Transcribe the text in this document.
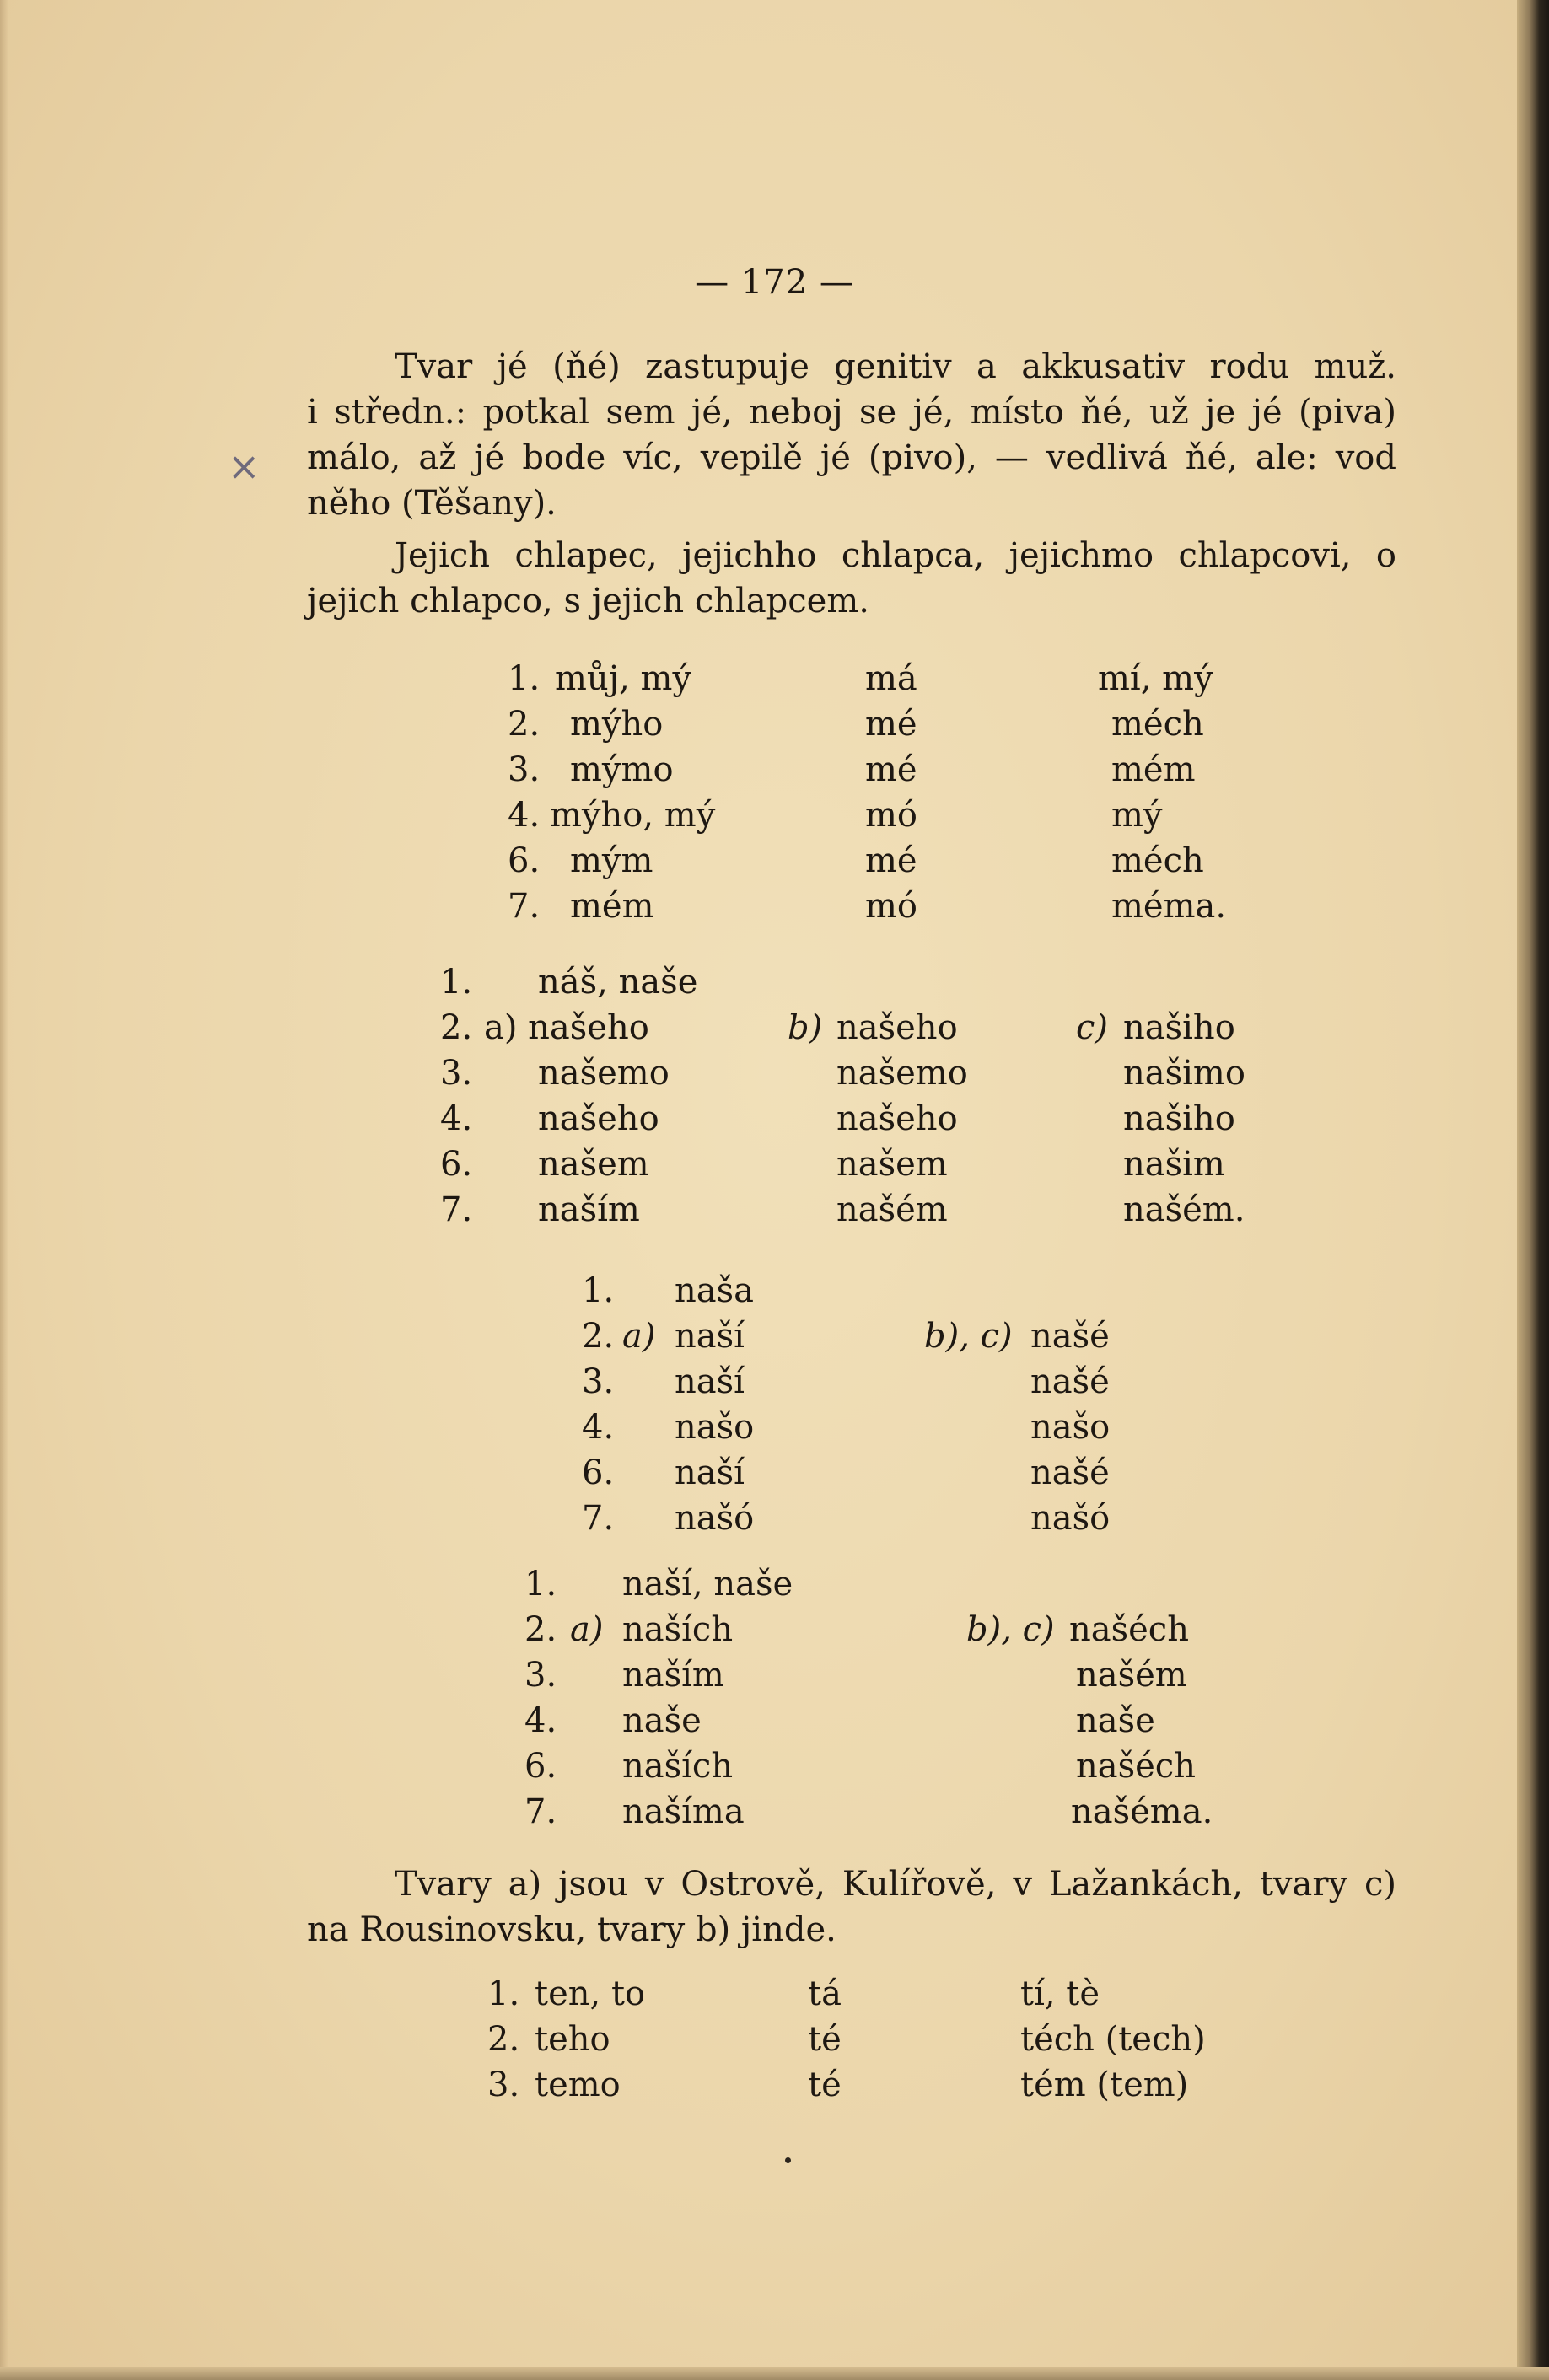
— 172 —
×
Tvar jé (ňé) zastupuje genitiv a akkusativ rodu muž.
i středn.: potkal sem jé, neboj se jé, místo ňé, už je jé (piva)
málo, až jé bode víc, vepilě jé (pivo), — vedlivá ňé, ale: vod
něho (Těšany).
Jejich chlapec, jejichho chlapca, jejichmo chlapcovi, o
jejich chlapco, s jejich chlapcem.
1. můj, mý	má	mí, mý
2. mýho	mé	méch
3. mýmo	mé	mém
4. mýho, mý	mó	mý
6. mým	mé	méch
7. mém	mó	méma.
1. náš, naše
2. a) našeho	b) našeho	c) našiho
3. našemo	našemo	našimo
4. našeho	našeho	našiho
6. našem	našem	našim
7. naším	našém	našém.
1. naša
2. a) naší	b), c) našé
3. naší	našé
4. našo	našo
6. naší	našé
7. našó	našó
1. naší, naše
2. a) naších	b), c) našéch
3. naším	našém
4. naše	naše
6. naších	našéch
7. našíma	našéma.
Tvary a) jsou v Ostrově, Kulířově, v Lažankách, tvary c)
na Rousinovsku, tvary b) jinde.
1. ten, to	tá	tí, tè
2. teho	té	téch (tech)
3. temo	té	tém (tem)
